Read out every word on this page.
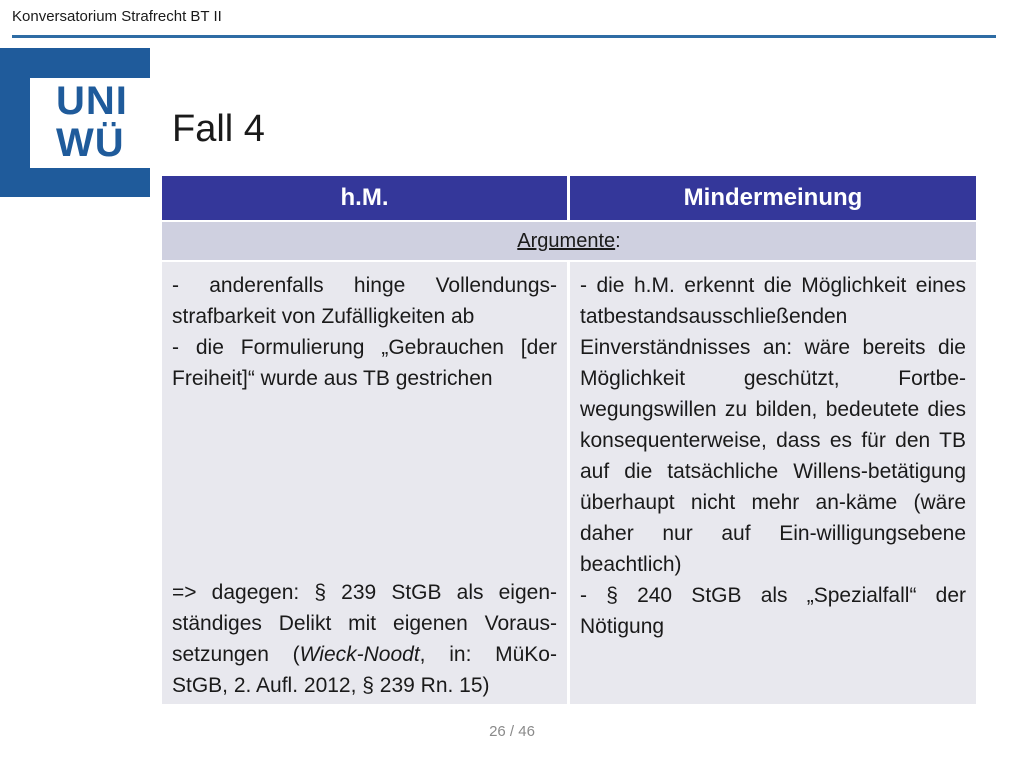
Konversatorium Strafrecht BT II
UNI
WÜ Fall 4
h.M.	Mindermeinung
Argumente :

- anderenfalls hinge Vollendungs-strafbarkeit von Zufälligkeiten ab

- die Formulierung „Gebrauchen [der Freiheit]“ wurde aus TB gestrichen

=> dagegen: § 239 StGB als eigen-ständiges Delikt mit eigenen Voraus-setzungen (Wieck-Noodt, in: MüKo-StGB, 2. Aufl. 2012, § 239 Rn. 15)

- die h.M. erkennt die Möglichkeit eines tatbestandsausschließenden Einverständnisses an: wäre bereits die Möglichkeit geschützt, Fortbe-wegungswillen zu bilden, bedeutete dies konsequenterweise, dass es für den TB auf die tatsächliche Willens-betätigung überhaupt nicht mehr an-käme (wäre daher nur auf Ein-willigungsebene beachtlich)

- § 240 StGB als „Spezialfall“ der Nötigung

26 / 46
